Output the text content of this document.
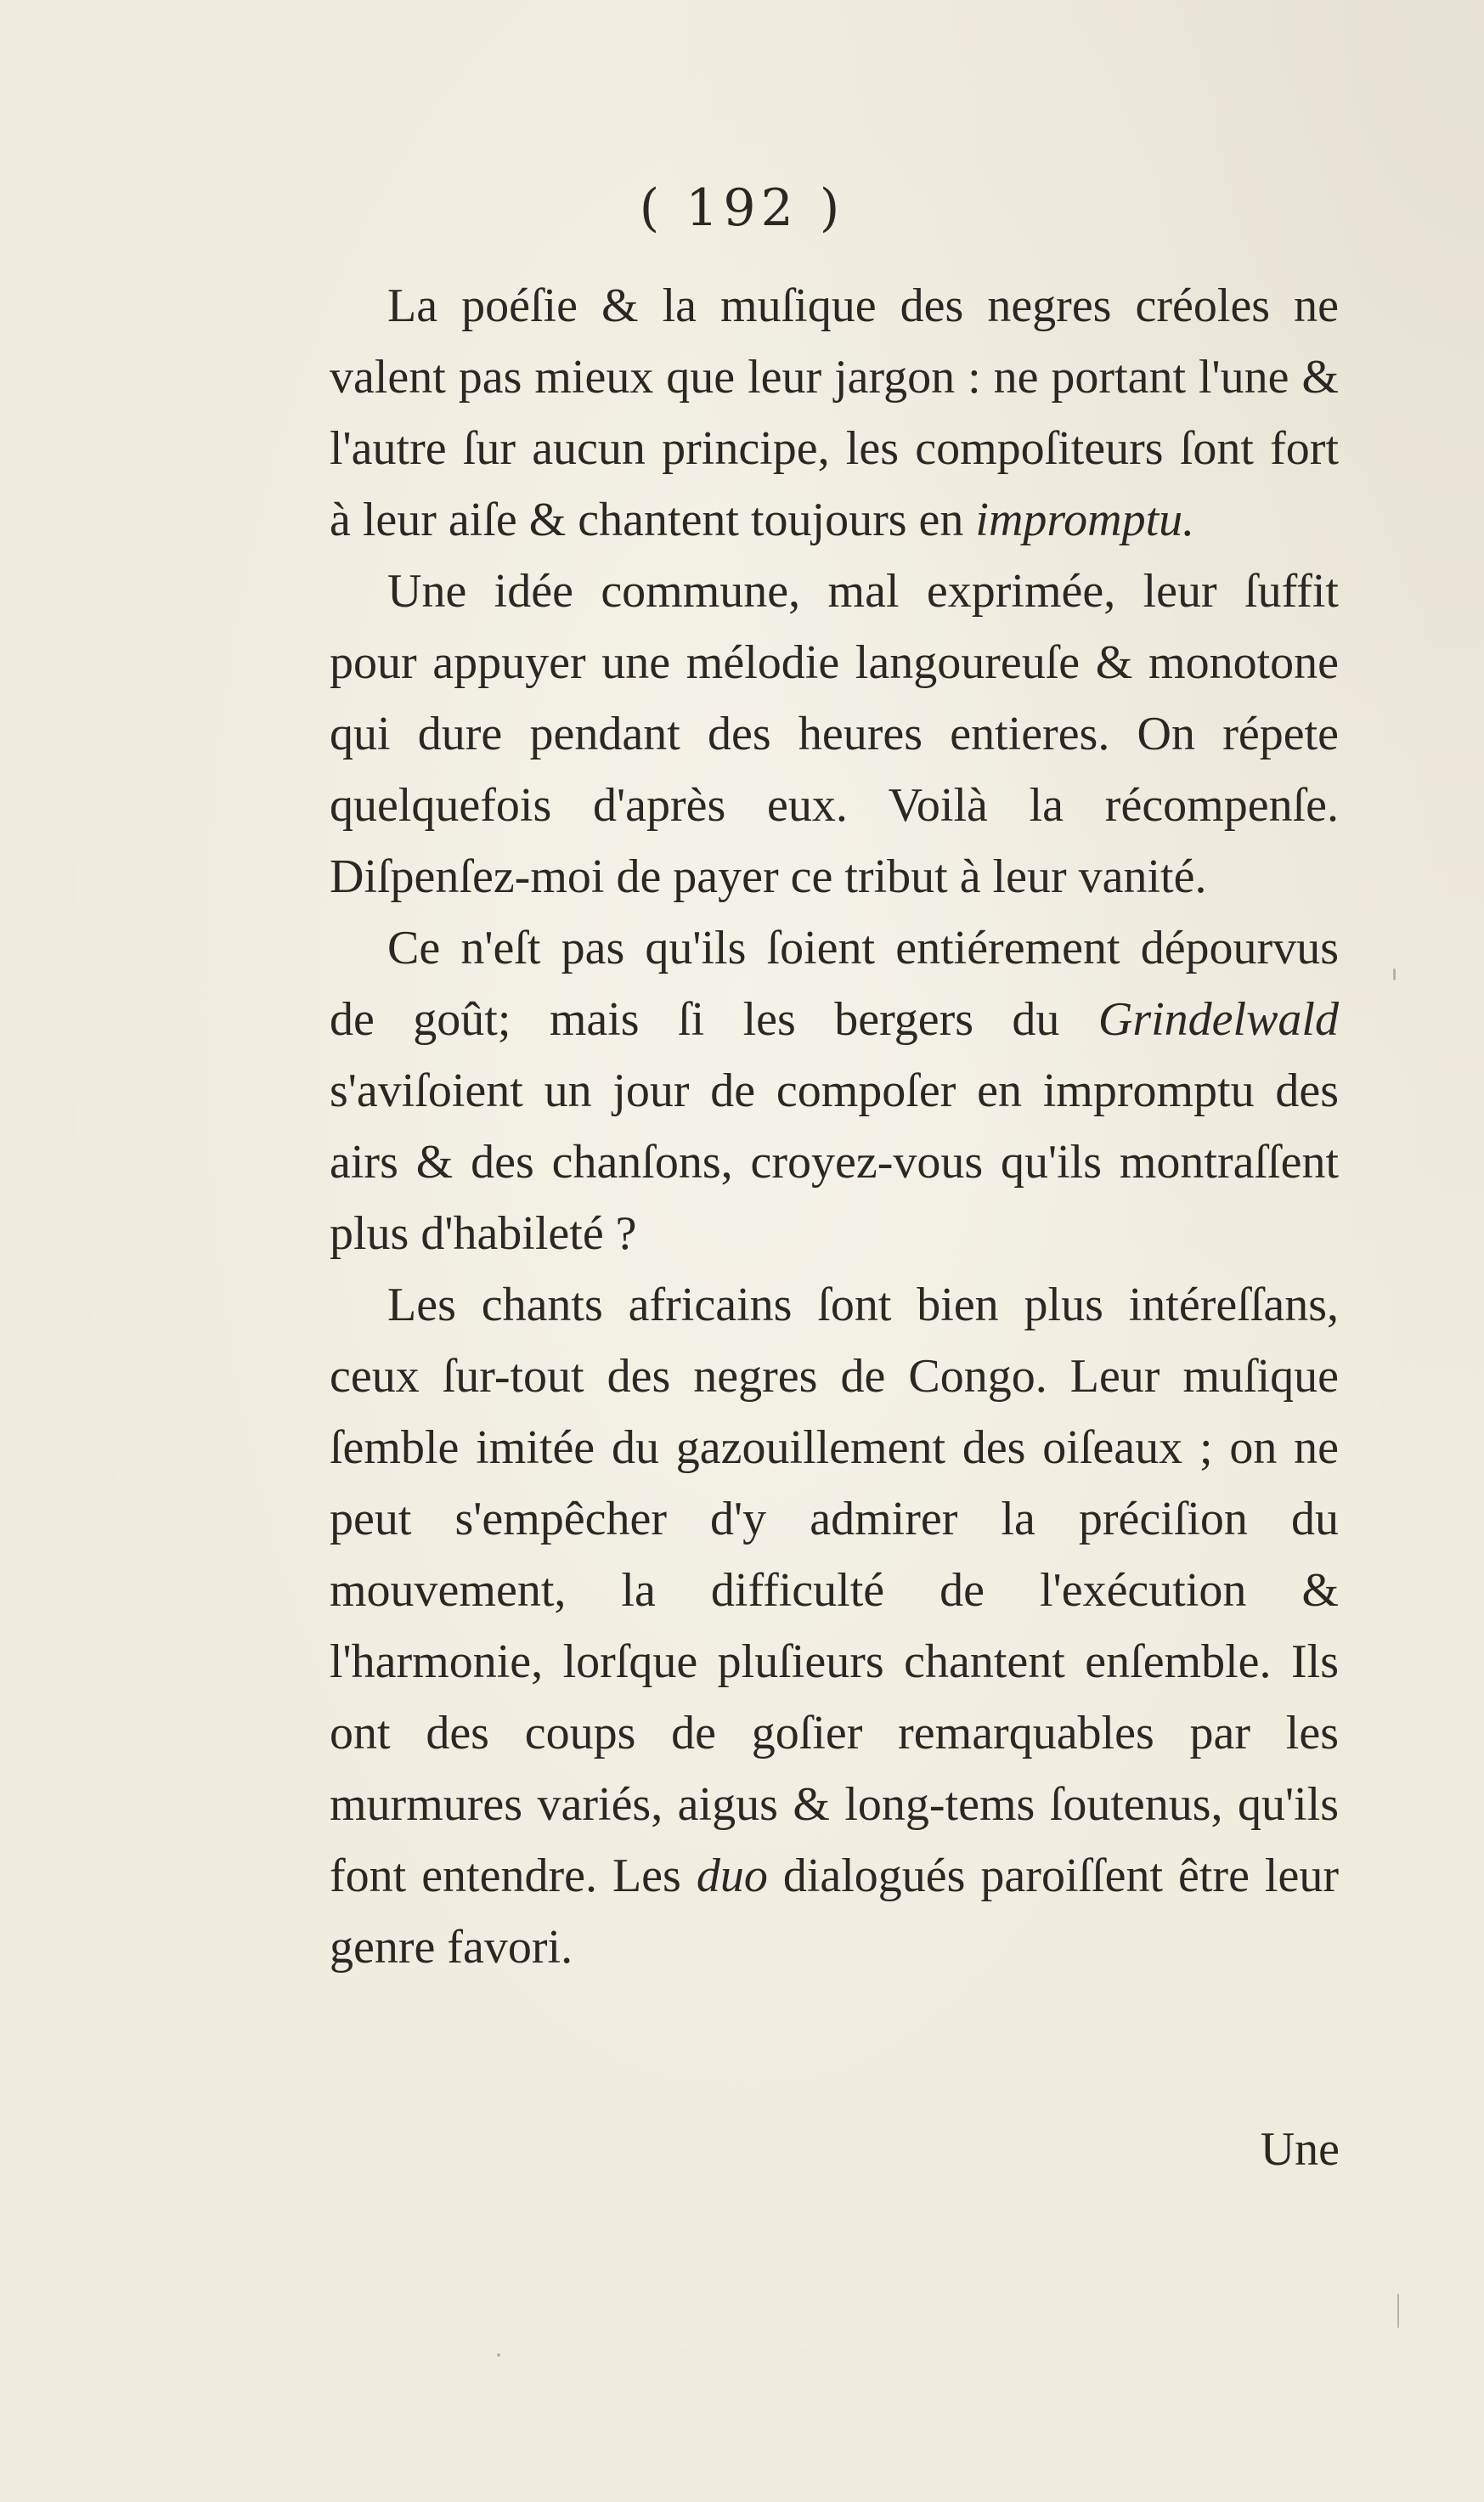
( 192 )

La poéſie & la muſique des negres créoles ne valent pas mieux que leur jargon : ne portant l'une & l'autre ſur aucun principe, les compoſiteurs ſont fort à leur aiſe & chantent toujours en impromptu.

Une idée commune, mal exprimée, leur ſuffit pour appuyer une mélodie langoureuſe & monotone qui dure pendant des heures entieres. On répete quelquefois d'après eux. Voilà la récompenſe. Diſpenſez-moi de payer ce tribut à leur vanité.

Ce n'eſt pas qu'ils ſoient entiérement dépourvus de goût; mais ſi les bergers du Grindelwald s'aviſoient un jour de compoſer en impromptu des airs & des chanſons, croyez-vous qu'ils montraſſent plus d'habileté ?

Les chants africains ſont bien plus intéreſſans, ceux ſur-tout des negres de Congo. Leur muſique ſemble imitée du gazouillement des oiſeaux ; on ne peut s'empêcher d'y admirer la préciſion du mouvement, la difficulté de l'exécution & l'harmonie, lorſque pluſieurs chantent enſemble. Ils ont des coups de goſier remarquables par les murmures variés, aigus & long-tems ſoutenus, qu'ils font entendre. Les duo dialogués paroiſſent être leur genre favori.

Une
